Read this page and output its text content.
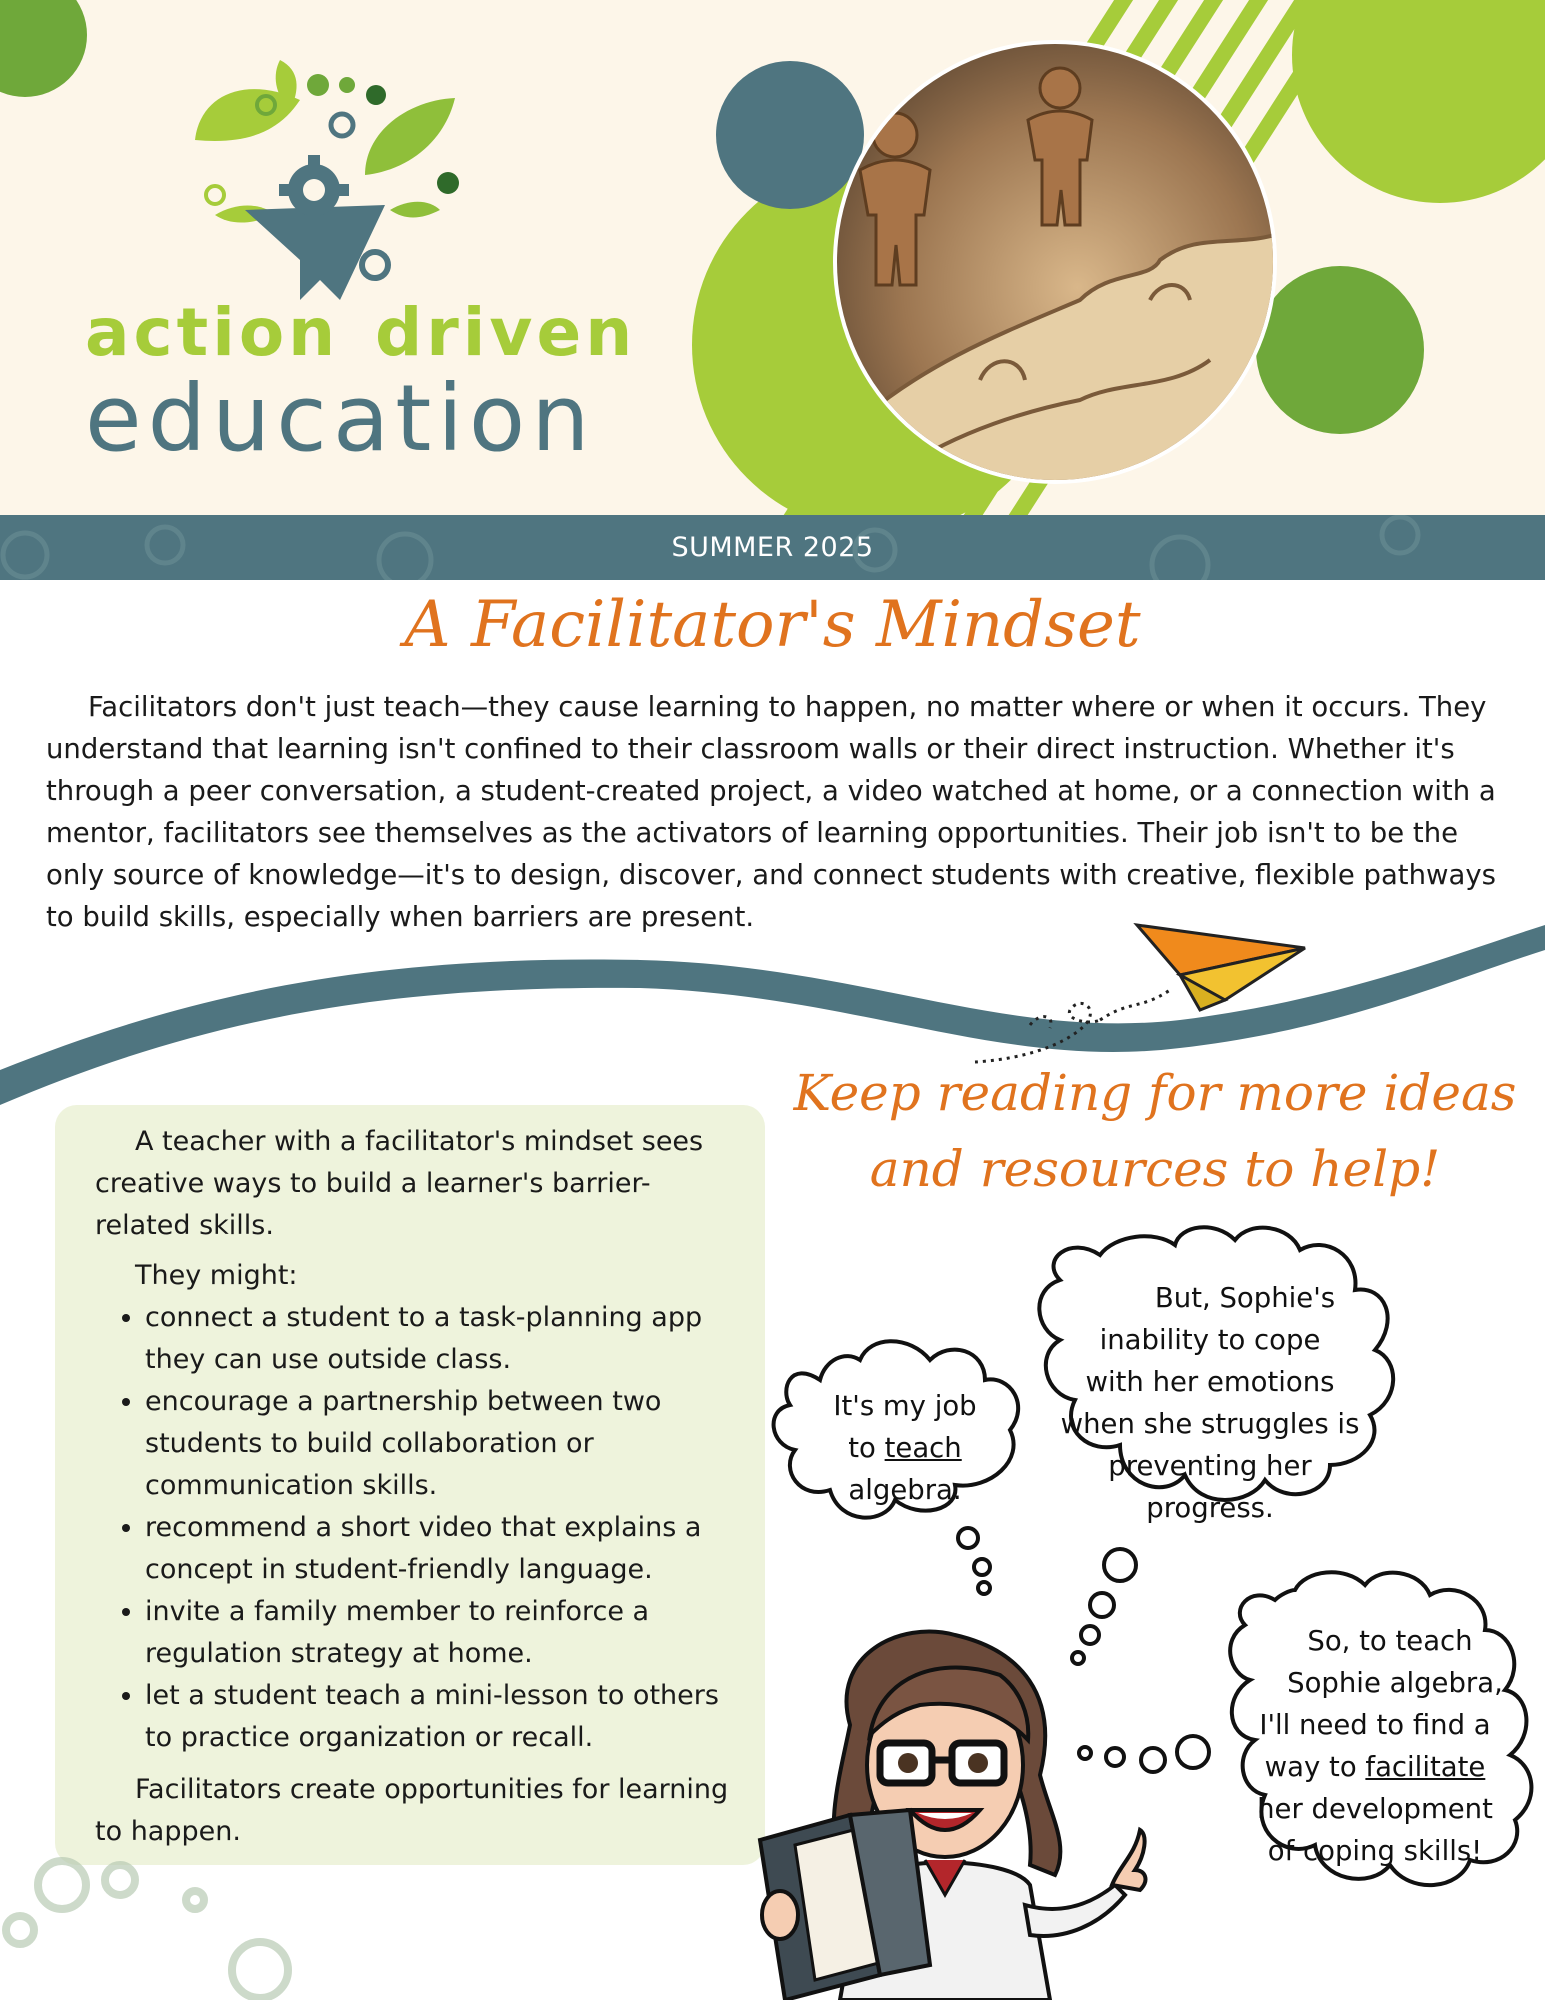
action driven
education
SUMMER 2025
A Facilitator's Mindset

Facilitators don't just teach—they cause learning to happen, no matter where or when it occurs. They understand that learning isn't confined to their classroom walls or their direct instruction. Whether it's through a peer conversation, a student-created project, a video watched at home, or a connection with a mentor, facilitators see themselves as the activators of learning opportunities. Their job isn't to be the only source of knowledge—it's to design, discover, and connect students with creative, flexible pathways to build skills, especially when barriers are present.

Keep reading for more ideas
and resources to help!

A teacher with a facilitator's mindset sees creative ways to build a learner's barrier-related skills.

They might:

• connect a student to a task-planning app they can use outside class.
• encourage a partnership between two students to build collaboration or communication skills.
• recommend a short video that explains a concept in student-friendly language.
• invite a family member to reinforce a regulation strategy at home.
• let a student teach a mini-lesson to others to practice organization or recall.

Facilitators create opportunities for learning to happen.

It's my job
to teach
algebra.
But, Sophie's
inability to cope
with her emotions
when she struggles is
preventing her
progress.
So, to teach
Sophie algebra,
I'll need to find a
way to facilitate
her development
of coping skills!
